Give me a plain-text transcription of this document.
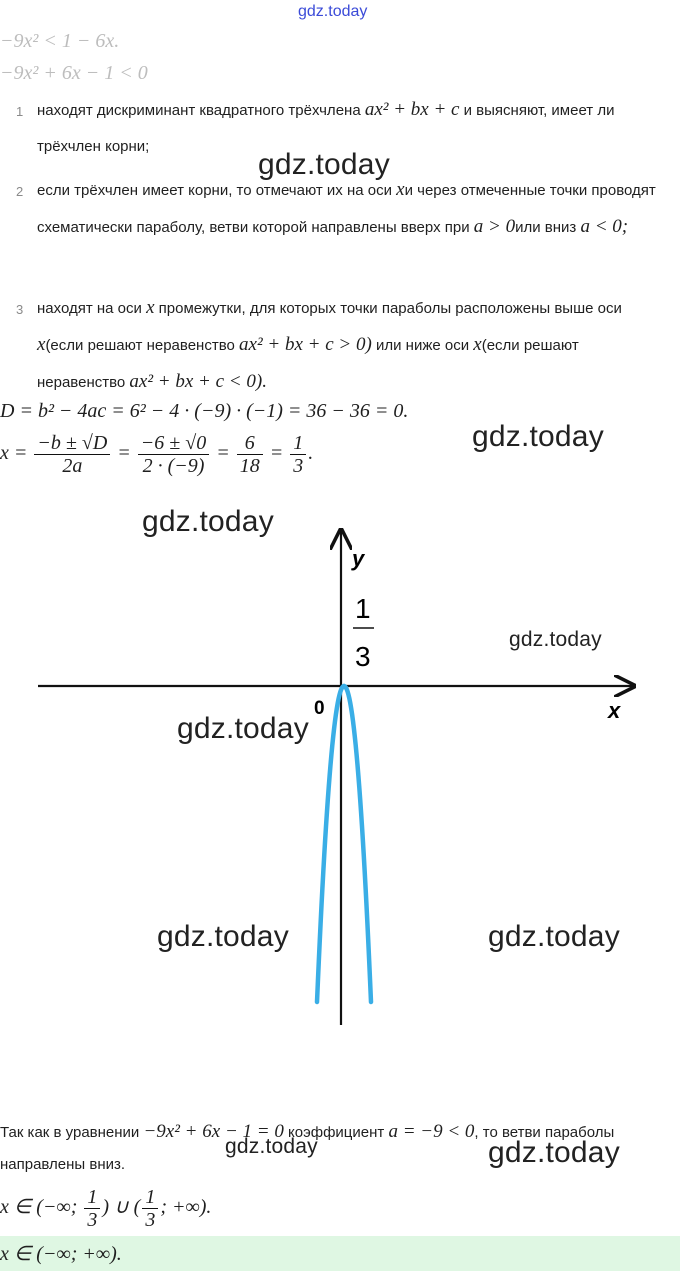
gdz.today
−9x² < 1 − 6x.
−9x² + 6x − 1 < 0
1 находят дискриминант квадратного трёхчлена ax² + bx + c и выясняют, имеет ли трёхчлен корни;
2 если трёхчлен имеет корни, то отмечают их на оси xи через отмеченные точки проводят схематически параболу, ветви которой направлены вверх при a > 0или вниз a < 0;
3 находят на оси x промежутки, для которых точки параболы расположены выше оси x(если решают неравенство ax² + bx + c > 0) или ниже оси x(если решают неравенство ax² + bx + c < 0).
D = b² − 4ac = 6² − 4 · (−9) · (−1) = 36 − 36 = 0.
$x = \frac{-b \pm √D}{2a} = \frac{-6 \pm √0}{2 \cdot (-9)} = \frac{6}{18} = \frac{1}{3}$ .
y
x
0
1
3
Так как в уравнении −9x² + 6x − 1 = 0 коэффициент a = −9 < 0, то ветви параболы направлены вниз.
x ∈ (−∞; $\frac{1}{3}$ ) ∪ ( $\frac{1}{3}$ ; +∞).
x ∈ (−∞; +∞).
gdz.today
gdz.today
gdz.today
gdz.today
gdz.today
gdz.today	gdz.today
gdz.today	gdz.today
